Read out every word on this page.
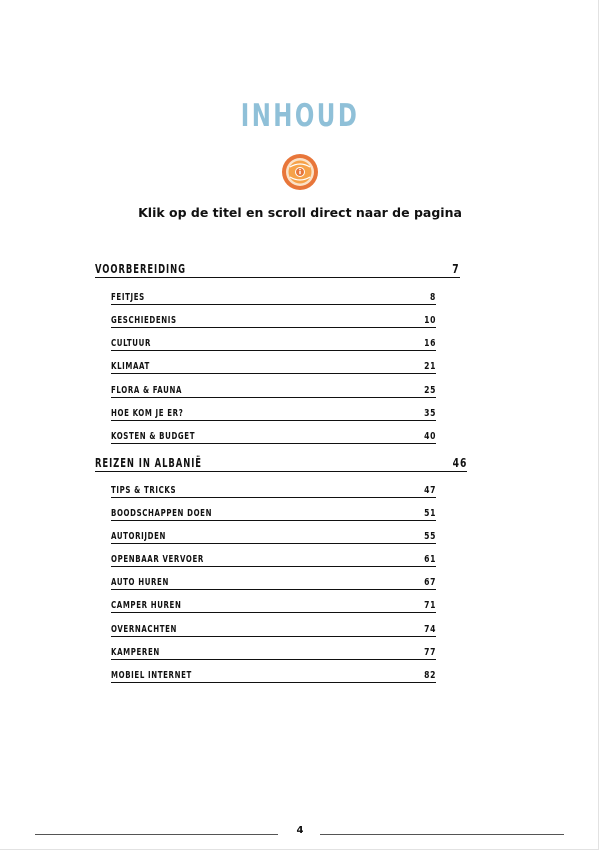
INHOUD
Klik op de titel en scroll direct naar de pagina
VOORBEREIDING	7
FEITJES	8
GESCHIEDENIS	10
CULTUUR	16
KLIMAAT	21
FLORA & FAUNA	25
HOE KOM JE ER?	35
KOSTEN & BUDGET	40
REIZEN IN ALBANIË	46
TIPS & TRICKS	47
BOODSCHAPPEN DOEN	51
AUTORIJDEN	55
OPENBAAR VERVOER	61
AUTO HUREN	67
CAMPER HUREN	71
OVERNACHTEN	74
KAMPEREN	77
MOBIEL INTERNET	82
4
